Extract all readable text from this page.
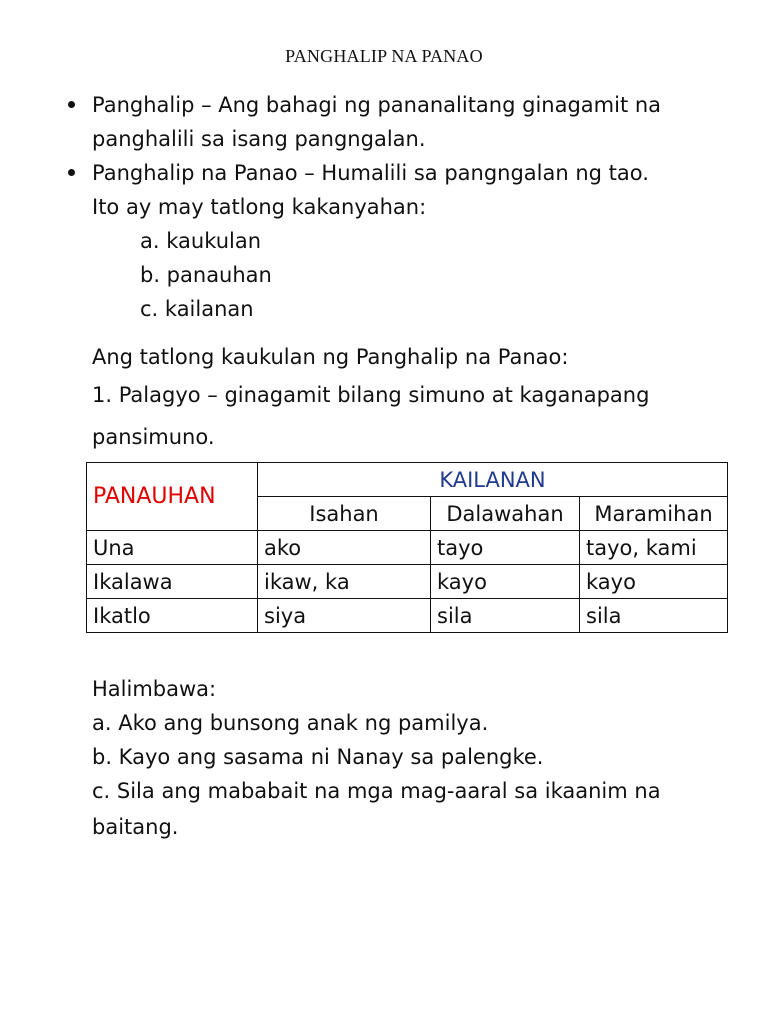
PANGHALIP NA PANAO
Panghalip – Ang bahagi ng pananalitang ginagamit na
panghalili sa isang pangngalan.
Panghalip na Panao – Humalili sa pangngalan ng tao.
Ito ay may tatlong kakanyahan:
a. kaukulan
b. panauhan
c. kailanan
Ang tatlong kaukulan ng Panghalip na Panao:
1. Palagyo – ginagamit bilang simuno at kaganapang
pansimuno.
PANAUHAN	KAILANAN		
	Isahan	Dalawahan	Maramihan
Una	ako	tayo	tayo, kami
Ikalawa	ikaw, ka	kayo	kayo
Ikatlo	siya	sila	sila
Halimbawa:
a. Ako ang bunsong anak ng pamilya.
b. Kayo ang sasama ni Nanay sa palengke.
c. Sila ang mababait na mga mag-aaral sa ikaanim na
baitang.
